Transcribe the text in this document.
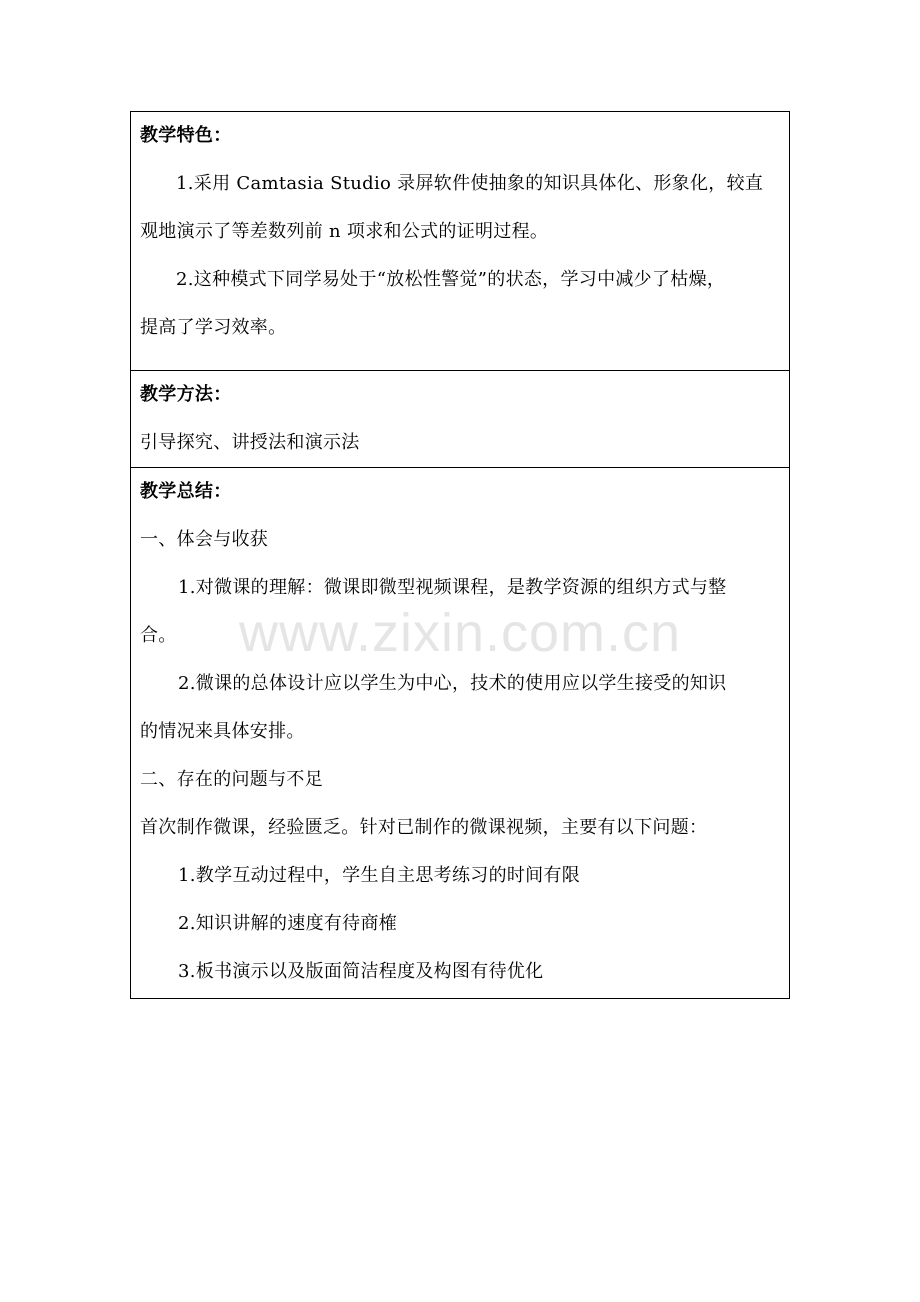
教学特色：
1.采用 Camtasia Studio 录屏软件使抽象的知识具体化、形象化，较直
观地演示了等差数列前 n 项求和公式的证明过程。
2.这种模式下同学易处于“放松性警觉”的状态，学习中减少了枯燥，
提高了学习效率。

教学方法：
引导探究、讲授法和演示法

教学总结：
一、体会与收获
1.对微课的理解：微课即微型视频课程，是教学资源的组织方式与整
合。
2.微课的总体设计应以学生为中心，技术的使用应以学生接受的知识
的情况来具体安排。
二、存在的问题与不足
首次制作微课，经验匮乏。针对已制作的微课视频，主要有以下问题：
1.教学互动过程中，学生自主思考练习的时间有限
2.知识讲解的速度有待商榷
3.板书演示以及版面简洁程度及构图有待优化
www.zixin.com.cn
